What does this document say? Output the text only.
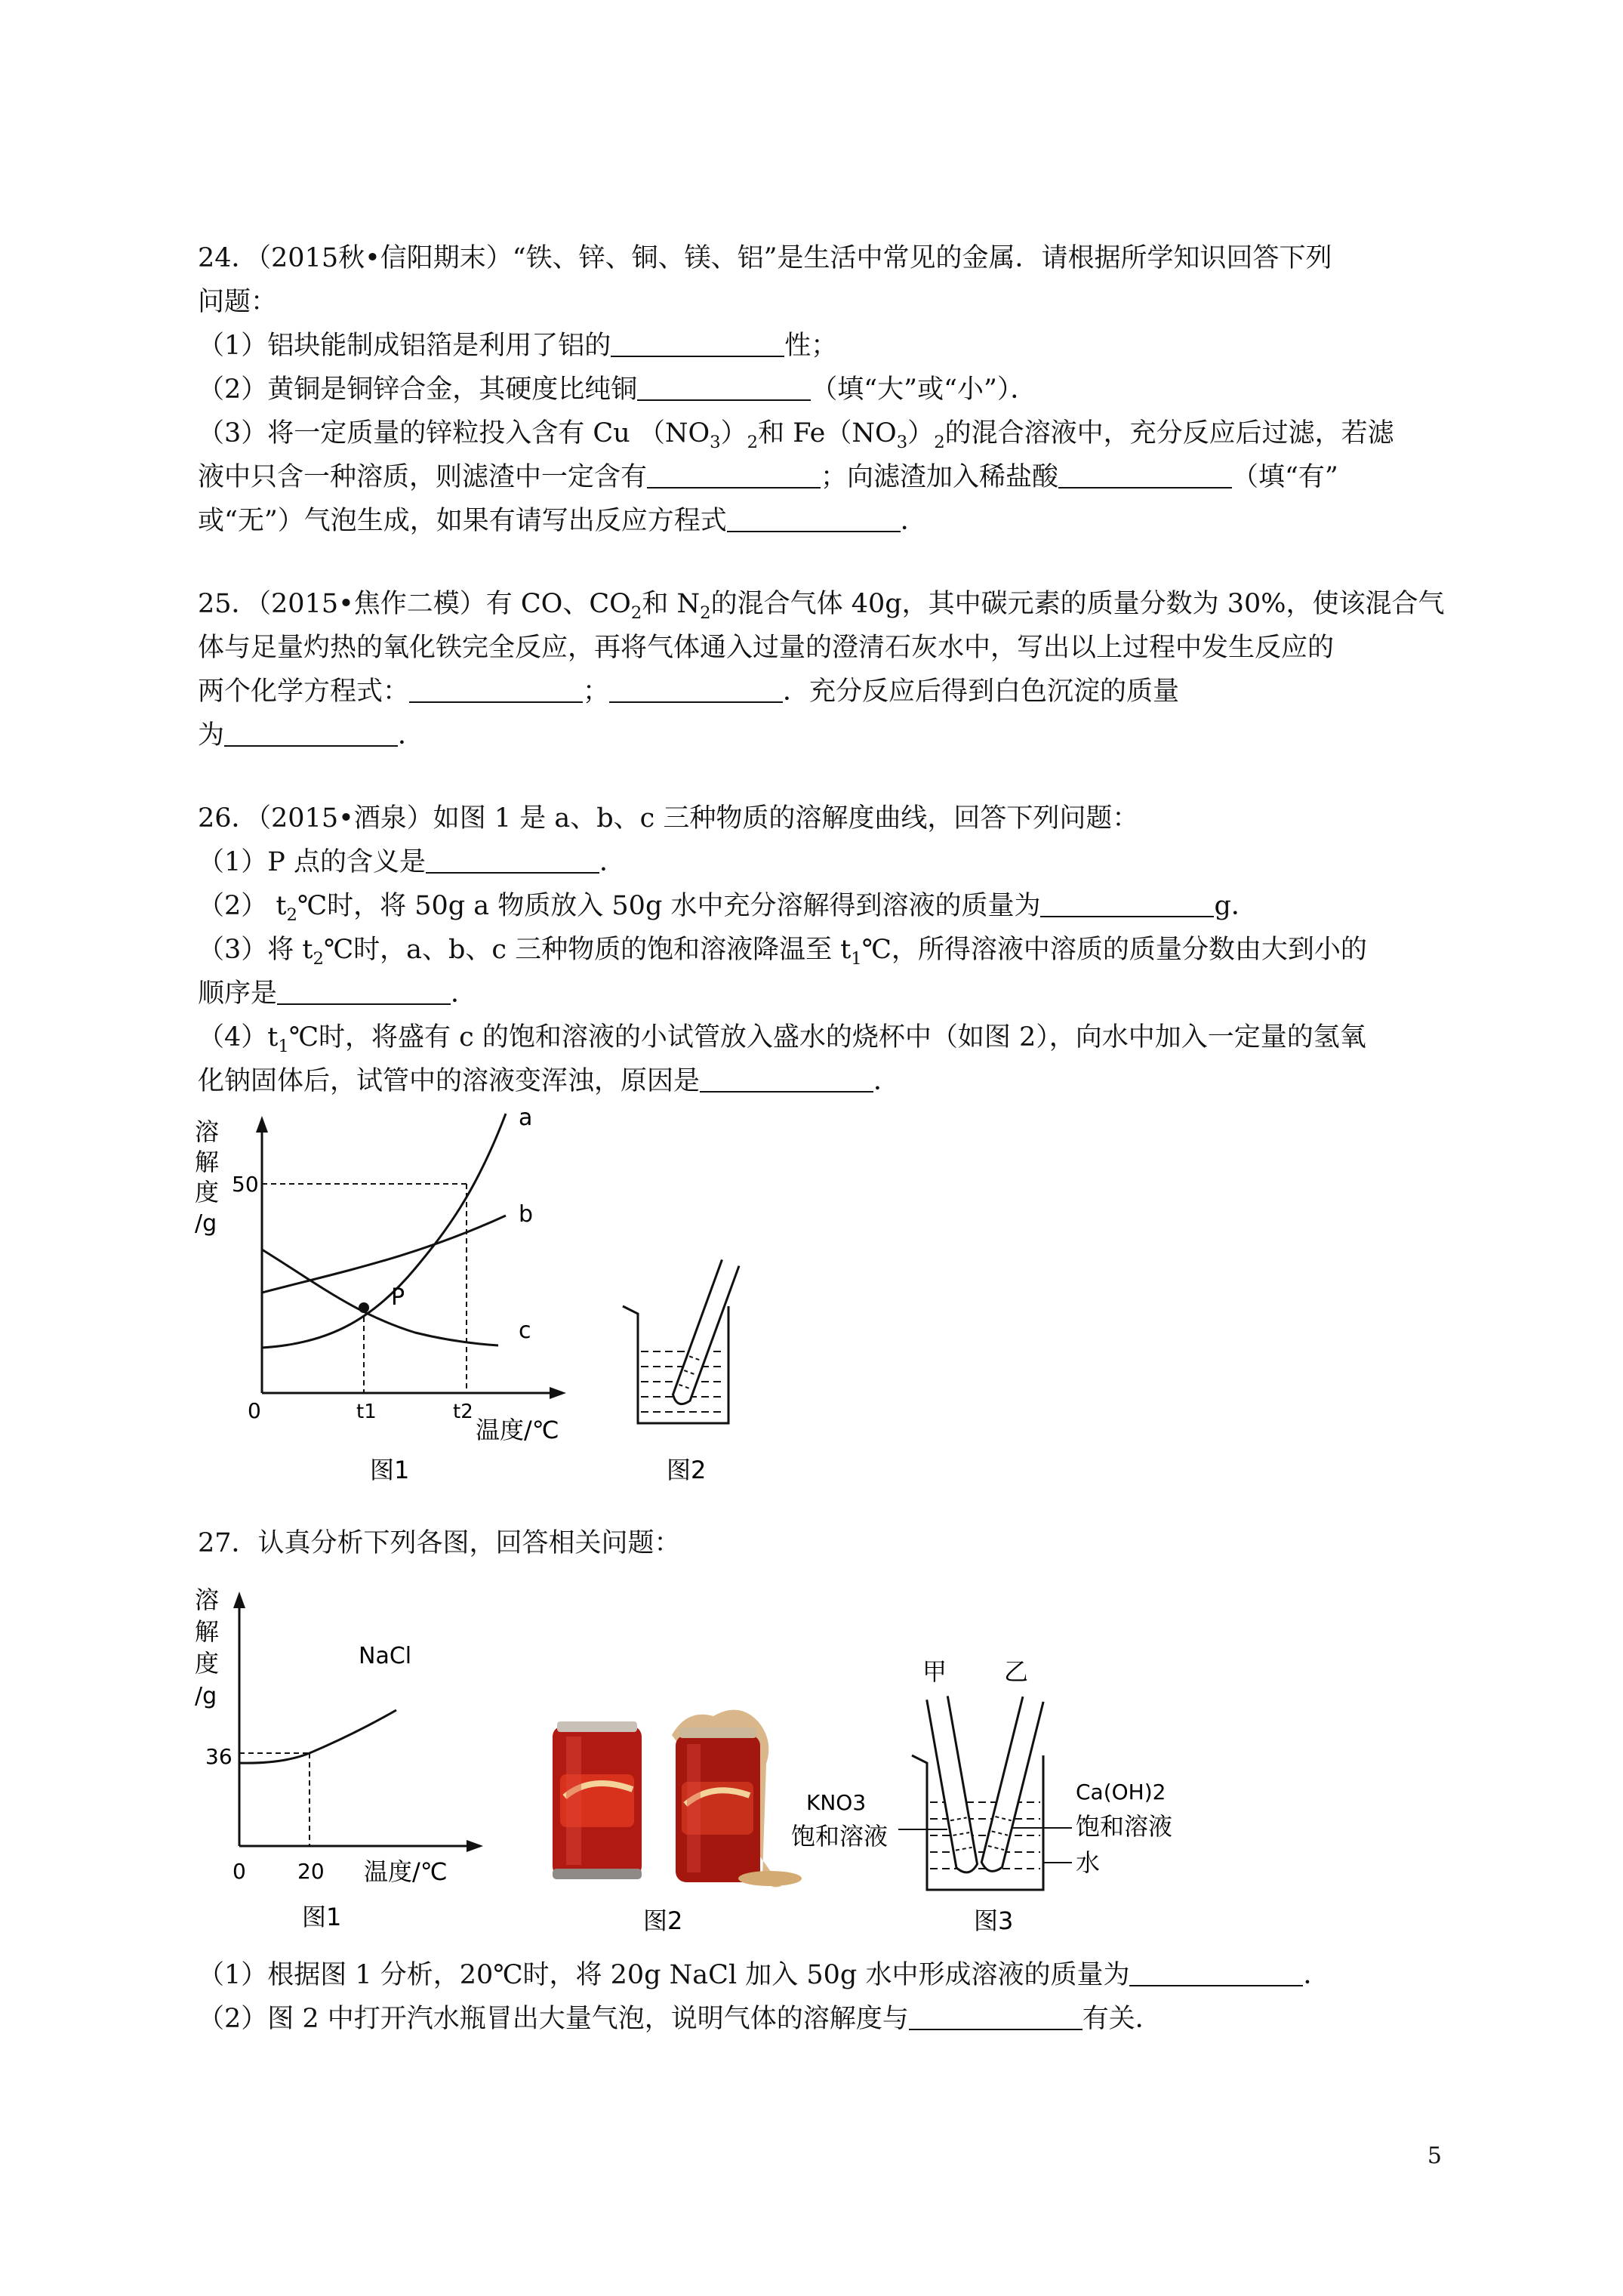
24．（2015秋•信阳期末）“铁、锌、铜、镁、铝”是生活中常见的金属．请根据所学知识回答下列
问题：
（1）铝块能制成铝箔是利用了铝的	性；
（2）黄铜是铜锌合金，其硬度比纯铜	（填“大”或“小”）．
（3）将一定质量的锌粒投入含有 Cu $(NO_3)_2$和 $Fe(NO_3)_2$的混合溶液中，充分反应后过滤，若滤
液中只含一种溶质，则滤渣中一定含有	；向滤渣加入稀盐酸	（填“有”
或“无”）气泡生成，如果有请写出反应方程式	．
25．（2015•焦作二模）有 CO、$CO_2$和 $N_2$的混合气体 40g，其中碳元素的质量分数为 30%，使该混合气
体与足量灼热的氧化铁完全反应，再将气体通入过量的澄清石灰水中，写出以上过程中发生反应的
两个化学方程式：	；	．充分反应后得到白色沉淀的质量
为	．
26．（2015•酒泉）如图 1 是 a、b、c 三种物质的溶解度曲线，回答下列问题：
（1）P 点的含义是	．
（2） $t_2℃$时，将 50g a 物质放入 50g 水中充分溶解得到溶液的质量为	g．
（3）将 $t_2℃$时，a、b、c 三种物质的饱和溶液降温至 $t_1℃$，所得溶液中溶质的质量分数由大到小的
顺序是	．
$(4)t_1℃$时，将盛有 c 的饱和溶液的小试管放入盛水的烧杯中（如图 2），向水中加入一定量的氢氧
化钠固体后，试管中的溶液变浑浊，原因是	．
溶
解
度
/g
50
P
a
b
c
0	t1	t2
温度/℃
图1	图2
27．认真分析下列各图，回答相关问题：
溶
解
度
/g
NaCl
36
0 20 温度/℃
图1	图2
甲 乙
KNO3
饱和溶液
Ca(OH)2
饱和溶液
水
图3
（1）根据图 1 分析，20℃时，将 20g NaCl 加入 50g 水中形成溶液的质量为	．
（2）图 2 中打开汽水瓶冒出大量气泡，说明气体的溶解度与	有关．
5
